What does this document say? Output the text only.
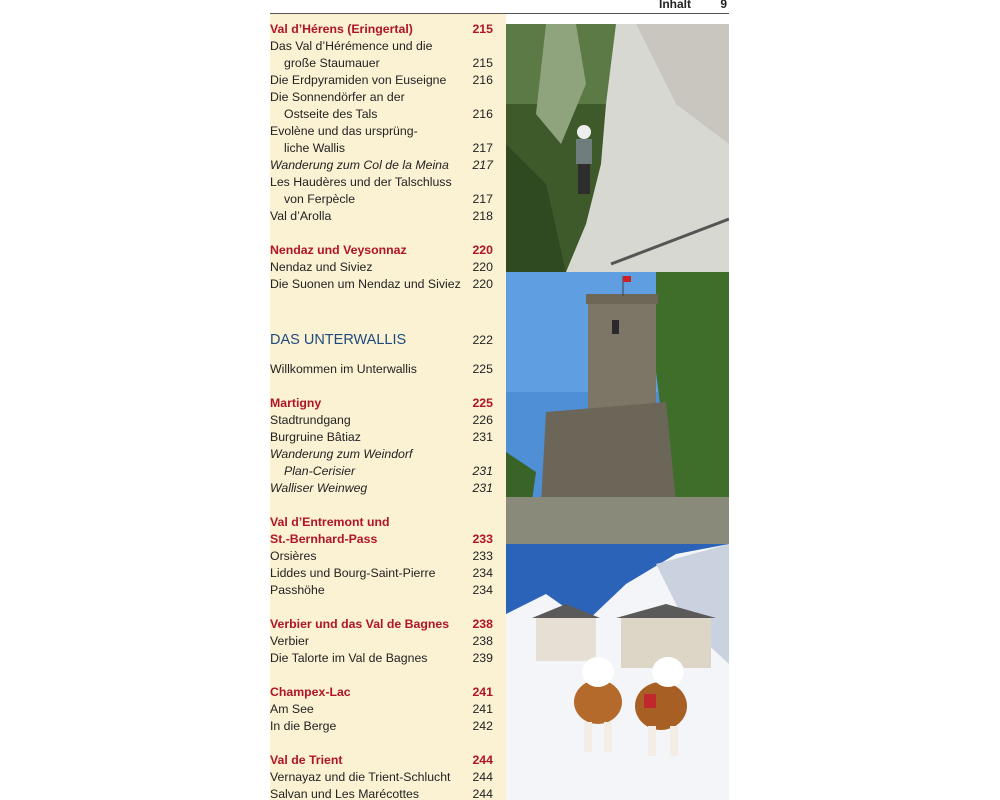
Inhalt 9
Val d’Hérens (Eringertal)	215
Das Val d’Hérémence und die
große Staumauer	215
Die Erdpyramiden von Euseigne 216
Die Sonnendörfer an der
Ostseite des Tals	216
Evolène und das ursprüng-
liche Wallis	217
Wanderung zum Col de la Meina 217
Les Haudères und der Talschluss
von Ferpècle	217
Val d’Arolla	218
Nendaz und Veysonnaz	220
Nendaz und Siviez	220
Die Suonen um Nendaz und Siviez 220
DAS UNTERWALLIS	222
Willkommen im Unterwallis	225
Martigny	225
Stadtrundgang	226
Burgruine Bâtiaz	231
Wanderung zum Weindorf
Plan-Cerisier	231
Walliser Weinweg	231
Val d’Entremont und
St.-Bernhard-Pass	233
Orsières	233
Liddes und Bourg-Saint-Pierre	234
Passhöhe	234
Verbier und das Val de Bagnes 238
Verbier	238
Die Talorte im Val de Bagnes	239
Champex-Lac	241
Am See	241
In die Berge	242
Val de Trient	244
Vernayaz und die Trient-Schlucht 244
Salvan und Les Marécottes	244
